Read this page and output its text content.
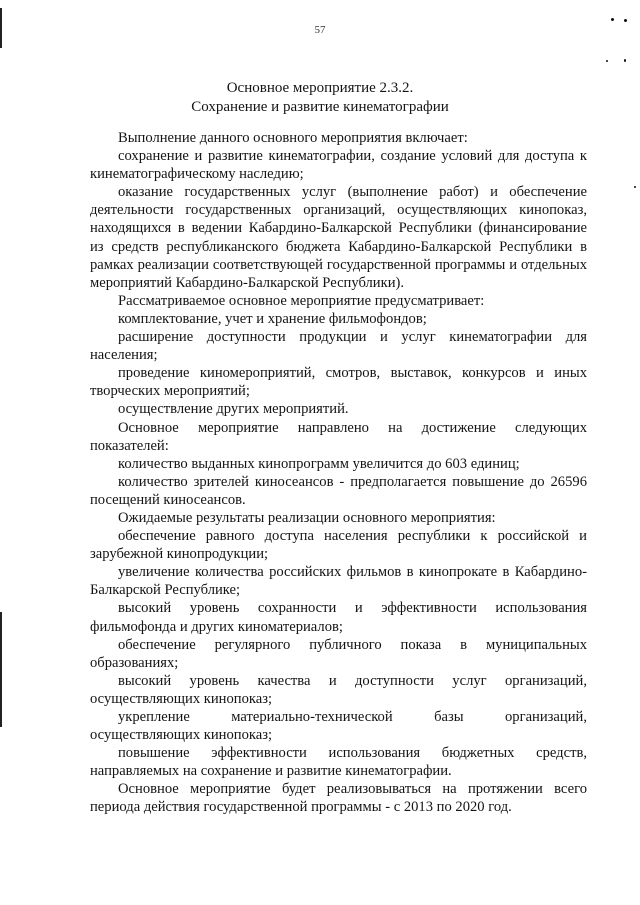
57
Основное мероприятие 2.3.2.
Сохранение и развитие кинематографии

Выполнение данного основного мероприятия включает:

сохранение и развитие кинематографии, создание условий для доступа к кинематографическому наследию;

оказание государственных услуг (выполнение работ) и обеспечение деятельности государственных организаций, осуществляющих кинопоказ, находящихся в ведении Кабардино-Балкарской Республики (финансирование из средств республиканского бюджета Кабардино-Балкарской Республики в рамках реализации соответствующей государственной программы и отдельных мероприятий Кабардино-Балкарской Республики).

Рассматриваемое основное мероприятие предусматривает:

комплектование, учет и хранение фильмофондов;

расширение доступности продукции и услуг кинематографии для населения;

проведение киномероприятий, смотров, выставок, конкурсов и иных творческих мероприятий;

осуществление других мероприятий.

Основное мероприятие направлено на достижение следующих показателей:

количество выданных кинопрограмм увеличится до 603 единиц;

количество зрителей киносеансов - предполагается повышение до 26596 посещений киносеансов.

Ожидаемые результаты реализации основного мероприятия:

обеспечение равного доступа населения республики к российской и зарубежной кинопродукции;

увеличение количества российских фильмов в кинопрокате в Кабардино-Балкарской Республике;

высокий уровень сохранности и эффективности использования фильмофонда и других киноматериалов;

обеспечение регулярного публичного показа в муниципальных образованиях;

высокий уровень качества и доступности услуг организаций, осуществляющих кинопоказ;

укрепление материально-технической базы организаций, осуществляющих кинопоказ;

повышение эффективности использования бюджетных средств, направляемых на сохранение и развитие кинематографии.

Основное мероприятие будет реализовываться на протяжении всего периода действия государственной программы - с 2013 по 2020 год.
